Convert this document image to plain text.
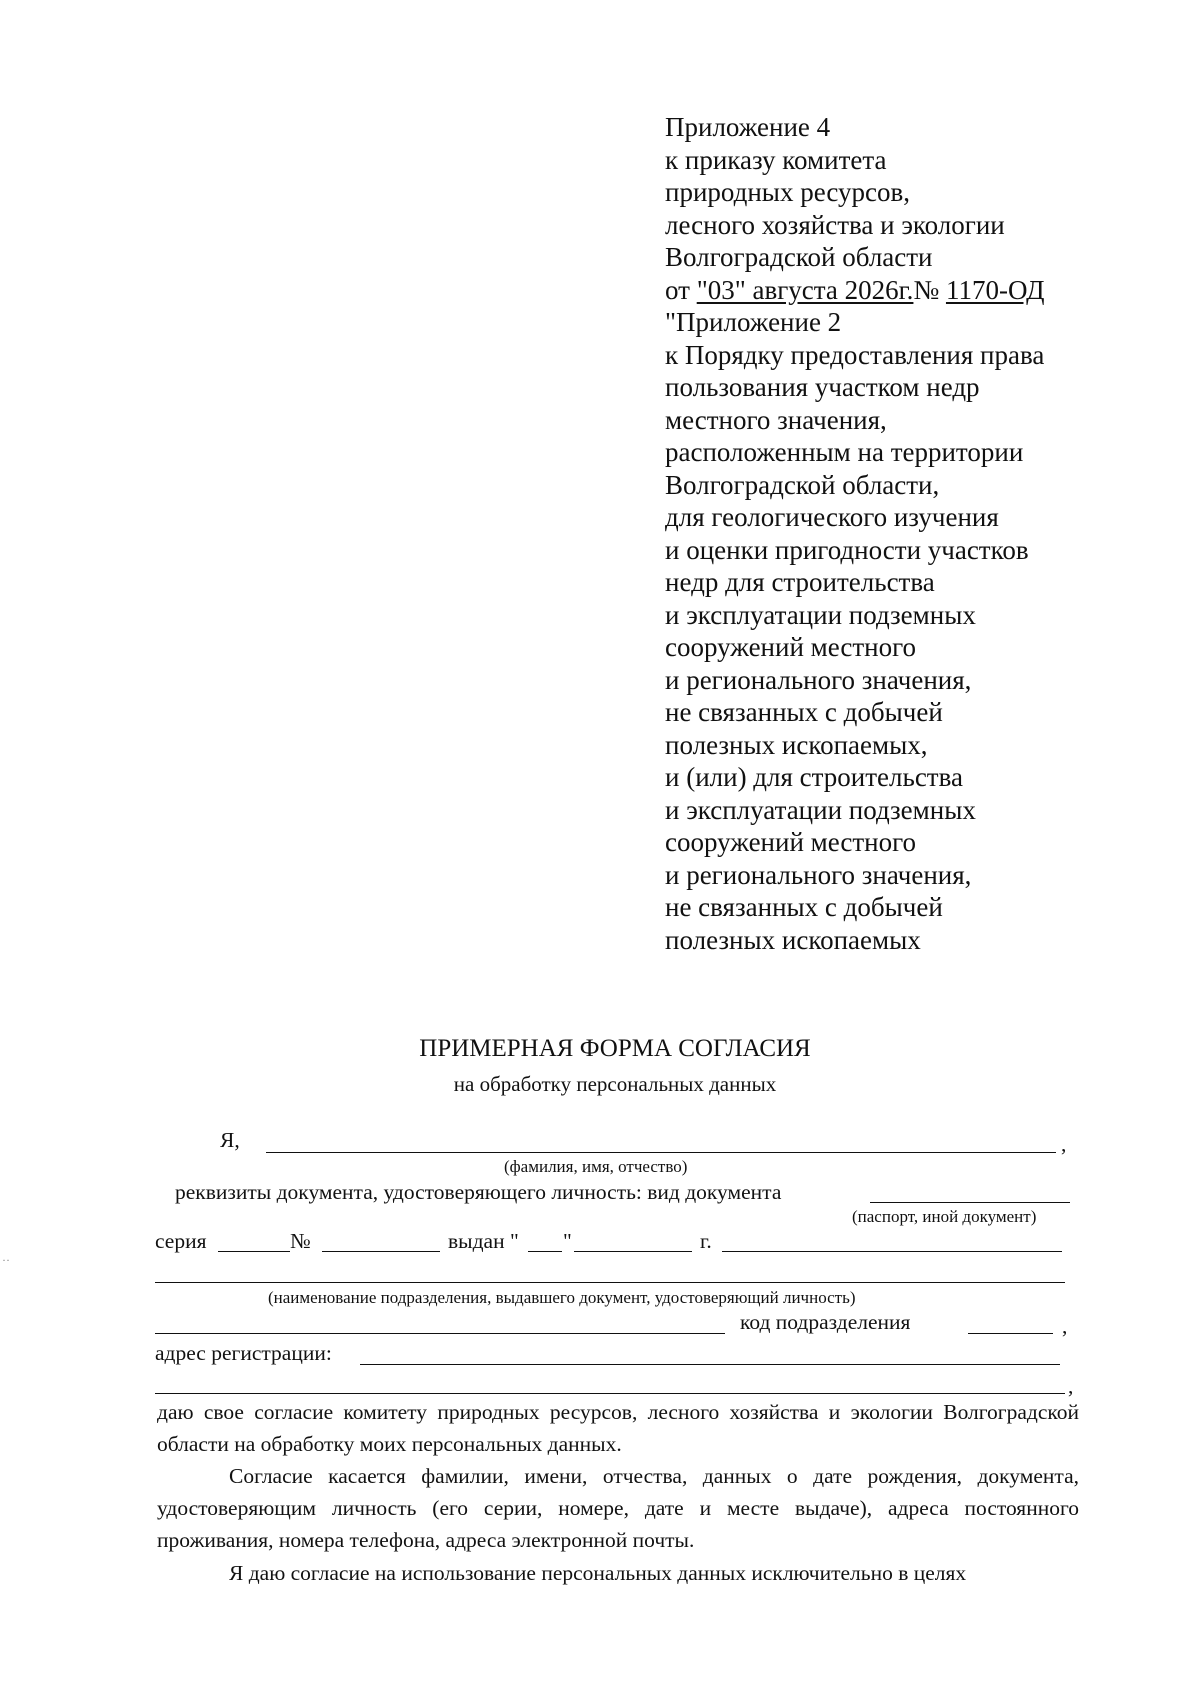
Приложение 4
к приказу комитета
природных ресурсов,
лесного хозяйства и экологии
Волгоградской области
от "03" августа 2026г.№ 1170-ОД
"Приложение 2
к Порядку предоставления права
пользования участком недр
местного значения,
расположенным на территории
Волгоградской области,
для геологического изучения
и оценки пригодности участков
недр для строительства
и эксплуатации подземных
сооружений местного
и регионального значения,
не связанных с добычей
полезных ископаемых,
и (или) для строительства
и эксплуатации подземных
сооружений местного
и регионального значения,
не связанных с добычей
полезных ископаемых
ПРИМЕРНАЯ ФОРМА СОГЛАСИЯ
на обработку персональных данных
Я,	,
(фамилия, имя, отчество)
реквизиты документа, удостоверяющего личность: вид документа
(паспорт, иной документ)
серия	№	выдан " "	г.
(наименование подразделения, выдавшего документ, удостоверяющий личность)
код подразделения	,
адрес регистрации:
,
даю свое согласие комитету природных ресурсов, лесного хозяйства и экологии Волгоградской области на обработку моих персональных данных.
Согласие касается фамилии, имени, отчества, данных о дате рождения, документа, удостоверяющим личность (его серии, номере, дате и месте выдаче), адреса постоянного проживания, номера телефона, адреса электронной почты.
Я даю согласие на использование персональных данных исключительно в целях
··
